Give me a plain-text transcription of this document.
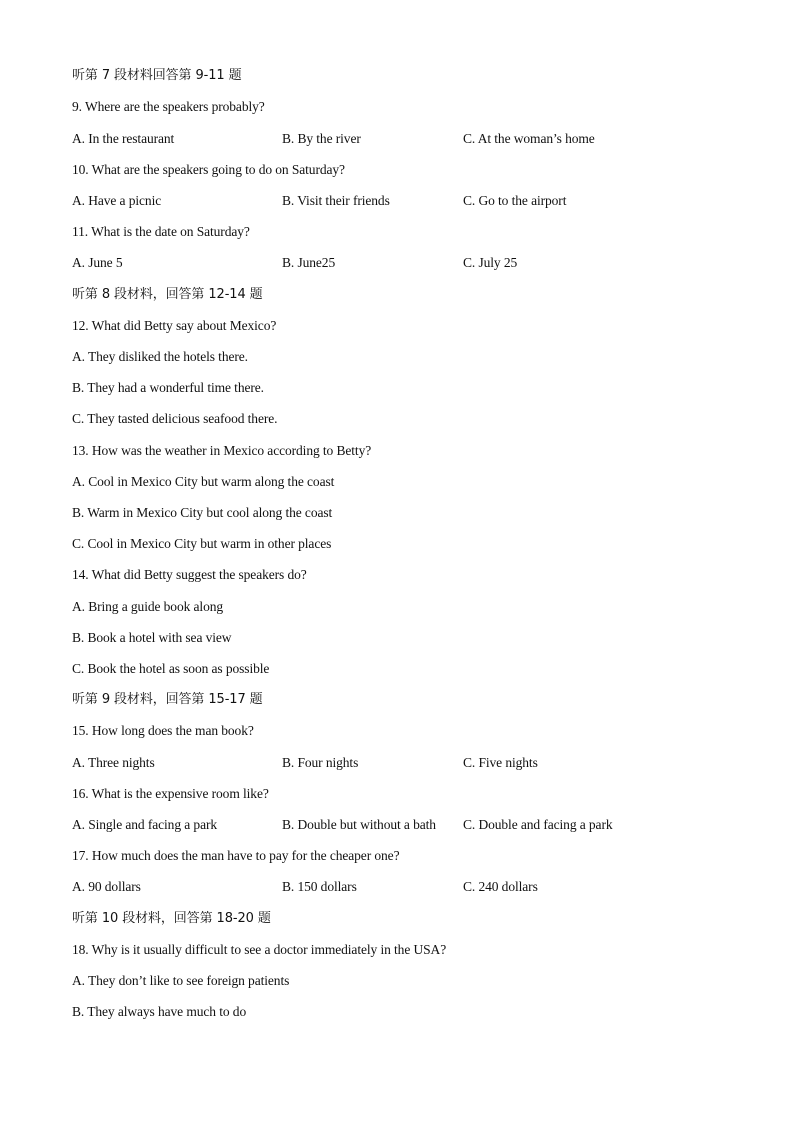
听第 7 段材料回答第 9-11 题
9. Where are the speakers probably?
A. In the restaurant	B. By the river	C. At the woman’s home
10. What are the speakers going to do on Saturday?
A. Have a picnic	B. Visit their friends	C. Go to the airport
11. What is the date on Saturday?
A. June 5	B. June25	C. July 25
听第 8 段材料，回答第 12-14 题
12. What did Betty say about Mexico?
A. They disliked the hotels there.
B. They had a wonderful time there.
C. They tasted delicious seafood there.
13. How was the weather in Mexico according to Betty?
A. Cool in Mexico City but warm along the coast
B. Warm in Mexico City but cool along the coast
C. Cool in Mexico City but warm in other places
14. What did Betty suggest the speakers do?
A. Bring a guide book along
B. Book a hotel with sea view
C. Book the hotel as soon as possible
听第 9 段材料，回答第 15-17 题
15. How long does the man book?
A. Three nights	B. Four nights	C. Five nights
16. What is the expensive room like?
A. Single and facing a park	B. Double but without a bath C. Double and facing a park
17. How much does the man have to pay for the cheaper one?
A. 90 dollars	B. 150 dollars	C. 240 dollars
听第 10 段材料，回答第 18-20 题
18. Why is it usually difficult to see a doctor immediately in the USA?
A. They don’t like to see foreign patients
B. They always have much to do
